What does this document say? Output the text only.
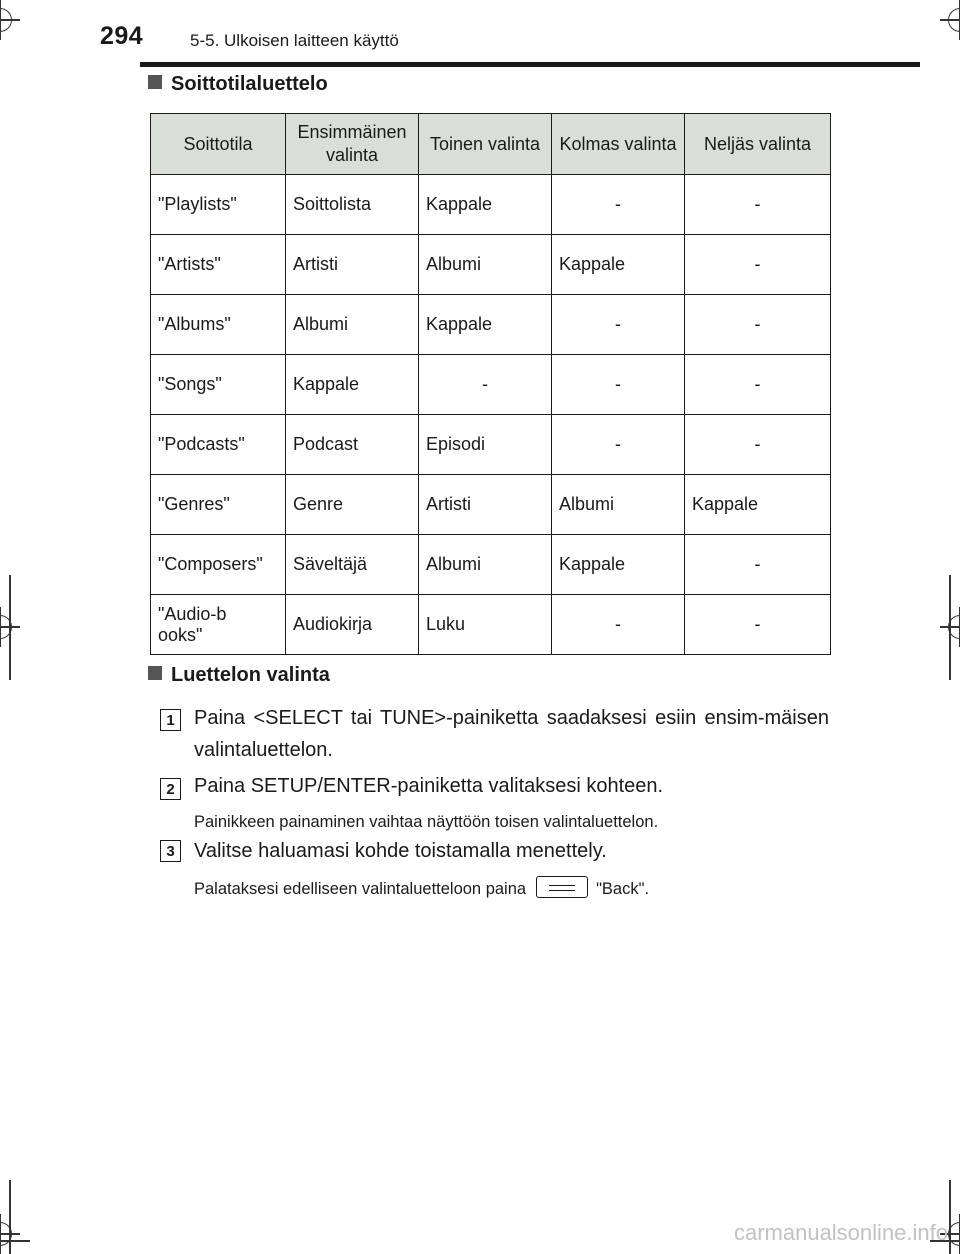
294	5-5. Ulkoisen laitteen käyttö
Soittotilaluettelo
Soittotila	Ensimmäinen valinta	Toinen valinta	Kolmas valinta	Neljäs valinta
"Playlists"	Soittolista	Kappale	-	-
"Artists"	Artisti	Albumi	Kappale	-
"Albums"	Albumi	Kappale	-	-
"Songs"	Kappale	-	-	-
"Podcasts"	Podcast	Episodi	-	-
"Genres"	Genre	Artisti	Albumi	Kappale
"Composers"	Säveltäjä	Albumi	Kappale	-
"Audio-books"	Audiokirja	Luku	-	-
Luettelon valinta
1 Paina <SELECT tai TUNE>-painiketta saadaksesi esiin ensim-mäisen valintaluettelon.
2 Paina SETUP/ENTER-painiketta valitaksesi kohteen.
Painikkeen painaminen vaihtaa näyttöön toisen valintaluettelon.
3 Valitse haluamasi kohde toistamalla menettely.
Palataksesi edelliseen valintaluetteloon paina	"Back".
carmanualsonline.info
